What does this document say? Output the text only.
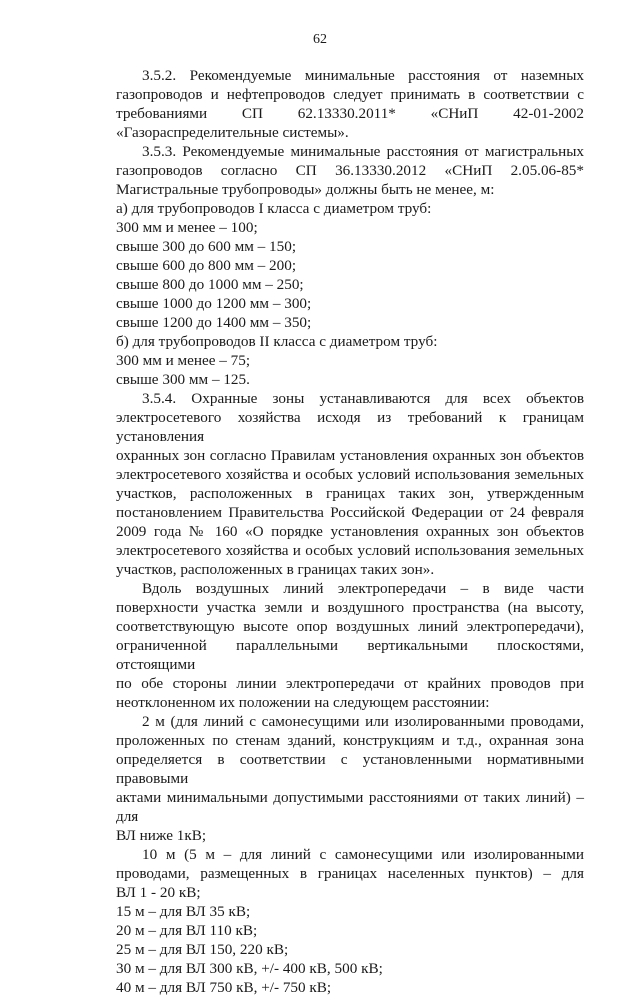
62

3.5.2. Рекомендуемые минимальные расстояния от наземных

газопроводов и нефтепроводов следует принимать в соответствии с

требованиями СП 62.13330.2011* «СНиП 42-01-2002

«Газораспределительные системы».

3.5.3. Рекомендуемые минимальные расстояния от магистральных

газопроводов согласно СП 36.13330.2012 «СНиП 2.05.06-85*

Магистральные трубопроводы» должны быть не менее, м:

а) для трубопроводов I класса с диаметром труб:

300 мм и менее – 100;

свыше 300 до 600 мм – 150;

свыше 600 до 800 мм – 200;

свыше 800 до 1000 мм – 250;

свыше 1000 до 1200 мм – 300;

свыше 1200 до 1400 мм – 350;

б) для трубопроводов II класса с диаметром труб:

300 мм и менее – 75;

свыше 300 мм – 125.

3.5.4. Охранные зоны устанавливаются для всех объектов

электросетевого хозяйства исходя из требований к границам установления

охранных зон согласно Правилам установления охранных зон объектов

электросетевого хозяйства и особых условий использования земельных

участков, расположенных в границах таких зон, утвержденным

постановлением Правительства Российской Федерации от 24 февраля

2009 года № 160 «О порядке установления охранных зон объектов

электросетевого хозяйства и особых условий использования земельных

участков, расположенных в границах таких зон».

Вдоль воздушных линий электропередачи – в виде части

поверхности участка земли и воздушного пространства (на высоту,

соответствующую высоте опор воздушных линий электропередачи),

ограниченной параллельными вертикальными плоскостями, отстоящими

по обе стороны линии электропередачи от крайних проводов при

неотклоненном их положении на следующем расстоянии:

2 м (для линий с самонесущими или изолированными проводами,

проложенных по стенам зданий, конструкциям и т.д., охранная зона

определяется в соответствии с установленными нормативными правовыми

актами минимальными допустимыми расстояниями от таких линий) – для

ВЛ ниже 1кВ;

10 м (5 м – для линий с самонесущими или изолированными

проводами, размещенных в границах населенных пунктов) – для

ВЛ 1 - 20 кВ;

15 м – для ВЛ 35 кВ;

20 м – для ВЛ 110 кВ;

25 м – для ВЛ 150, 220 кВ;

30 м – для ВЛ 300 кВ, +/- 400 кВ, 500 кВ;

40 м – для ВЛ 750 кВ, +/- 750 кВ;
